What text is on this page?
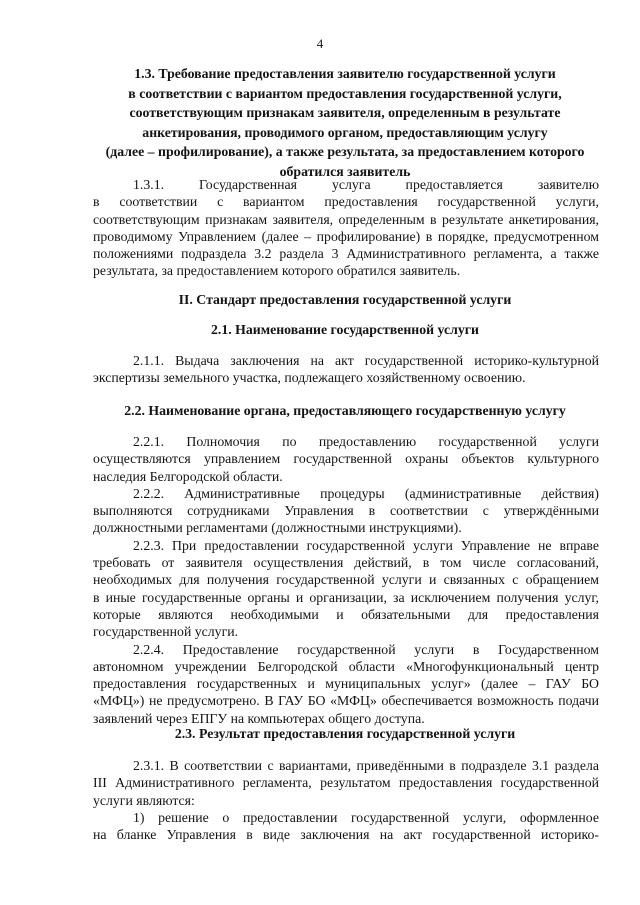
4
1.3. Требование предоставления заявителю государственной услуги
в соответствии с вариантом предоставления государственной услуги,
соответствующим признакам заявителя, определенным в результате
анкетирования, проводимого органом, предоставляющим услугу
(далее – профилирование), а также результата, за предоставлением которого
обратился заявитель
1.3.1. Государственная услуга предоставляется заявителю
в соответствии с вариантом предоставления государственной услуги,
соответствующим признакам заявителя, определенным в результате анкетирования,
проводимому Управлением (далее – профилирование) в порядке, предусмотренном
положениями подраздела 3.2 раздела 3 Административного регламента, а также
результата, за предоставлением которого обратился заявитель.
II. Стандарт предоставления государственной услуги
2.1. Наименование государственной услуги
2.1.1. Выдача заключения на акт государственной историко-культурной
экспертизы земельного участка, подлежащего хозяйственному освоению.
2.2. Наименование органа, предоставляющего государственную услугу
2.2.1. Полномочия по предоставлению государственной услуги
осуществляются управлением государственной охраны объектов культурного
наследия Белгородской области.
2.2.2. Административные процедуры (административные действия)
выполняются сотрудниками Управления в соответствии с утверждёнными
должностными регламентами (должностными инструкциями).
2.2.3. При предоставлении государственной услуги Управление не вправе
требовать от заявителя осуществления действий, в том числе согласований,
необходимых для получения государственной услуги и связанных с обращением
в иные государственные органы и организации, за исключением получения услуг,
которые являются необходимыми и обязательными для предоставления
государственной услуги.
2.2.4. Предоставление государственной услуги в Государственном
автономном учреждении Белгородской области «Многофункциональный центр
предоставления государственных и муниципальных услуг» (далее – ГАУ БО
«МФЦ») не предусмотрено. В ГАУ БО «МФЦ» обеспечивается возможность подачи
заявлений через ЕПГУ на компьютерах общего доступа.
2.3. Результат предоставления государственной услуги
2.3.1. В соответствии с вариантами, приведёнными в подразделе 3.1 раздела
III Административного регламента, результатом предоставления государственной
услуги являются:
1) решение о предоставлении государственной услуги, оформленное
на бланке Управления в виде заключения на акт государственной историко-
